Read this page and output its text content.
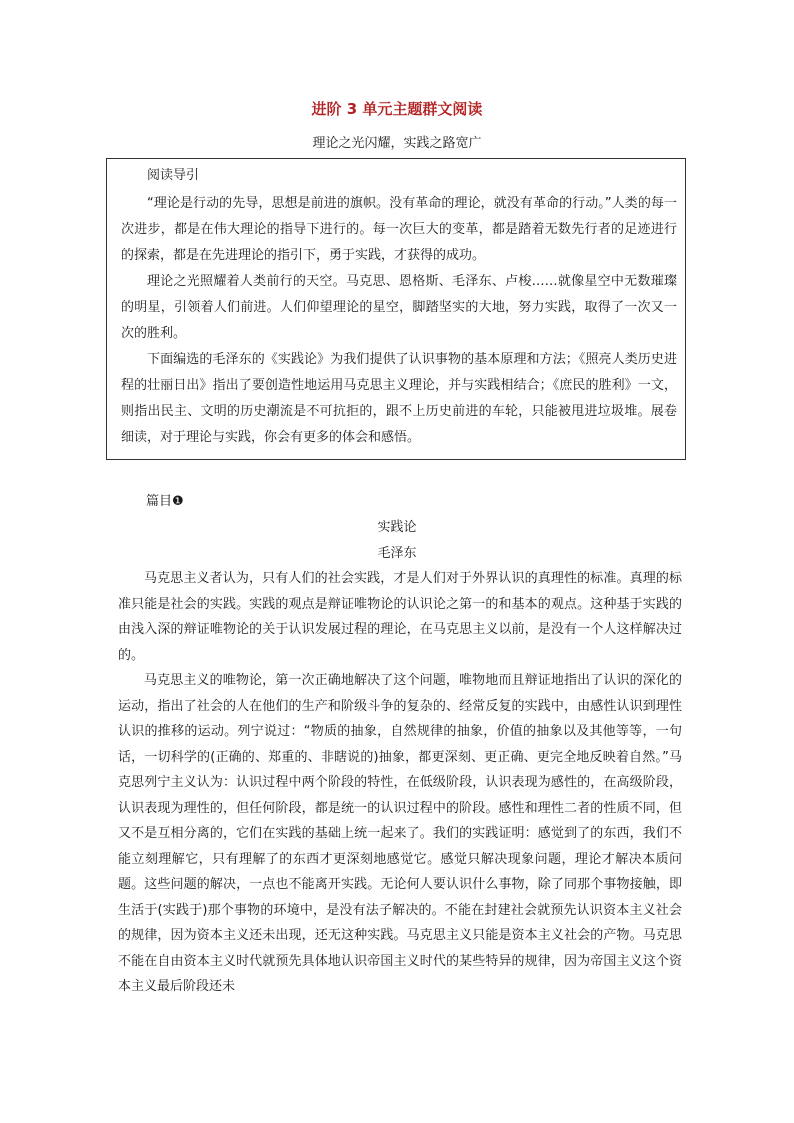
进阶 3 单元主题群文阅读
理论之光闪耀，实践之路宽广
阅读导引

“理论是行动的先导，思想是前进的旗帜。没有革命的理论，就没有革命的行动。”人类的每一次进步，都是在伟大理论的指导下进行的。每一次巨大的变革，都是踏着无数先行者的足迹进行的探索，都是在先进理论的指引下，勇于实践，才获得的成功。

理论之光照耀着人类前行的天空。马克思、恩格斯、毛泽东、卢梭……就像星空中无数璀璨的明星，引领着人们前进。人们仰望理论的星空，脚踏坚实的大地，努力实践，取得了一次又一次的胜利。

下面编选的毛泽东的《实践论》为我们提供了认识事物的基本原理和方法；《照亮人类历史进程的壮丽日出》指出了要创造性地运用马克思主义理论，并与实践相结合；《庶民的胜利》一文，则指出民主、文明的历史潮流是不可抗拒的，跟不上历史前进的车轮，只能被甩进垃圾堆。展卷细读，对于理论与实践，你会有更多的体会和感悟。

篇目❶
实践论
毛泽东

马克思主义者认为，只有人们的社会实践，才是人们对于外界认识的真理性的标准。真理的标准只能是社会的实践。实践的观点是辩证唯物论的认识论之第一的和基本的观点。这种基于实践的由浅入深的辩证唯物论的关于认识发展过程的理论，在马克思主义以前，是没有一个人这样解决过的。

马克思主义的唯物论，第一次正确地解决了这个问题，唯物地而且辩证地指出了认识的深化的运动，指出了社会的人在他们的生产和阶级斗争的复杂的、经常反复的实践中，由感性认识到理性认识的推移的运动。列宁说过：“物质的抽象，自然规律的抽象，价值的抽象以及其他等等，一句话，一切科学的(正确的、郑重的、非瞎说的)抽象，都更深刻、更正确、更完全地反映着自然。”马克思列宁主义认为：认识过程中两个阶段的特性，在低级阶段，认识表现为感性的，在高级阶段，认识表现为理性的，但任何阶段，都是统一的认识过程中的阶段。感性和理性二者的性质不同，但又不是互相分离的，它们在实践的基础上统一起来了。我们的实践证明：感觉到了的东西，我们不能立刻理解它，只有理解了的东西才更深刻地感觉它。感觉只解决现象问题，理论才解决本质问题。这些问题的解决，一点也不能离开实践。无论何人要认识什么事物，除了同那个事物接触，即生活于(实践于)那个事物的环境中，是没有法子解决的。不能在封建社会就预先认识资本主义社会的规律，因为资本主义还未出现，还无这种实践。马克思主义只能是资本主义社会的产物。马克思不能在自由资本主义时代就预先具体地认识帝国主义时代的某些特异的规律，因为帝国主义这个资本主义最后阶段还未
